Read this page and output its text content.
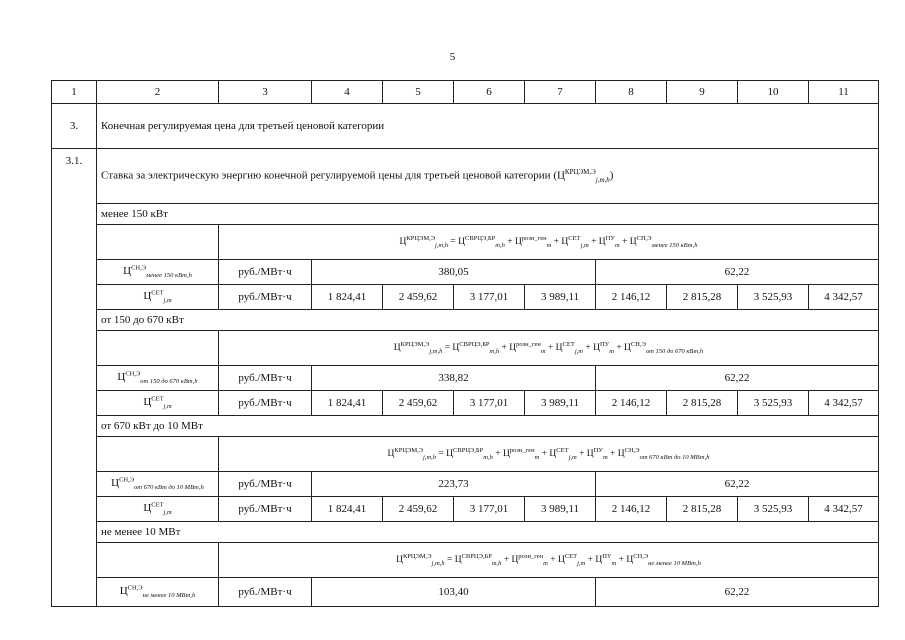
5
1	2	3	4	5	6	7	8	9	10	11
3.	Конечная регулируемая цена для третьей ценовой категории									
3.1.	Ставка за электрическую энергию конечной регулируемой цены для третьей ценовой категории $(Ц^{КРЦЭМ,Э}_{j,m,h})$									
	менее 150 кВт									
		$Ц^{КРЦЭМ,Э}_{j,m,h} = Ц^{СВРЦЭ,БР}_{m,h} + Ц^{розн\_ген}_m + Ц^{СЕТ}_{j,m} + Ц^{ПУ}_m + Ц^{СН,Э}_{менее 150 кВт,h}$
	$Ц^{СН,Э}_{менее 150 кВт,h}$	руб./МВт·ч	380,05				62,22			
	$Ц^{СЕТ}_{j,m}$	руб./МВт·ч	1 824,41	2 459,62	3 177,01	3 989,11	2 146,12	2 815,28	3 525,93	4 342,57
	от 150 до 670 кВт									
		$Ц^{КРЦЭМ,Э}_{j,m,h} = Ц^{СВРЦЭ,БР}_{m,h} + Ц^{розн\_ген}_m + Ц^{СЕТ}_{j,m} + Ц^{ПУ}_m + Ц^{СН,Э}_{от 150 до 670 кВт,h}$
	$Ц^{СН,Э}_{от 150 до 670 кВт,h}$	руб./МВт·ч	338,82				62,22			
	$Ц^{СЕТ}_{j,m}$	руб./МВт·ч	1 824,41	2 459,62	3 177,01	3 989,11	2 146,12	2 815,28	3 525,93	4 342,57
	от 670 кВт до 10 МВт									
		$Ц^{КРЦЭМ,Э}_{j,m,h} = Ц^{СВРЦЭ,БР}_{m,h} + Ц^{розн\_ген}_m + Ц^{СЕТ}_{j,m} + Ц^{ПУ}_m + Ц^{СН,Э}_{от 670 кВт до 10 МВт,h}$
	$Ц^{СН,Э}_{от 670 кВт до 10 МВт,h}$	руб./МВт·ч	223,73				62,22			
	$Ц^{СЕТ}_{j,m}$	руб./МВт·ч	1 824,41	2 459,62	3 177,01	3 989,11	2 146,12	2 815,28	3 525,93	4 342,57
	не менее 10 МВт									
		$Ц^{КРЦЭМ,Э}_{j,m,h} = Ц^{СВРЦЭ,БР}_{m,h} + Ц^{розн\_ген}_m + Ц^{СЕТ}_{j,m} + Ц^{ПУ}_m + Ц^{СН,Э}_{не менее 10 МВт,h}$
	$Ц^{СН,Э}_{не менее 10 МВт,h}$	руб./МВт·ч	103,40				62,22			
